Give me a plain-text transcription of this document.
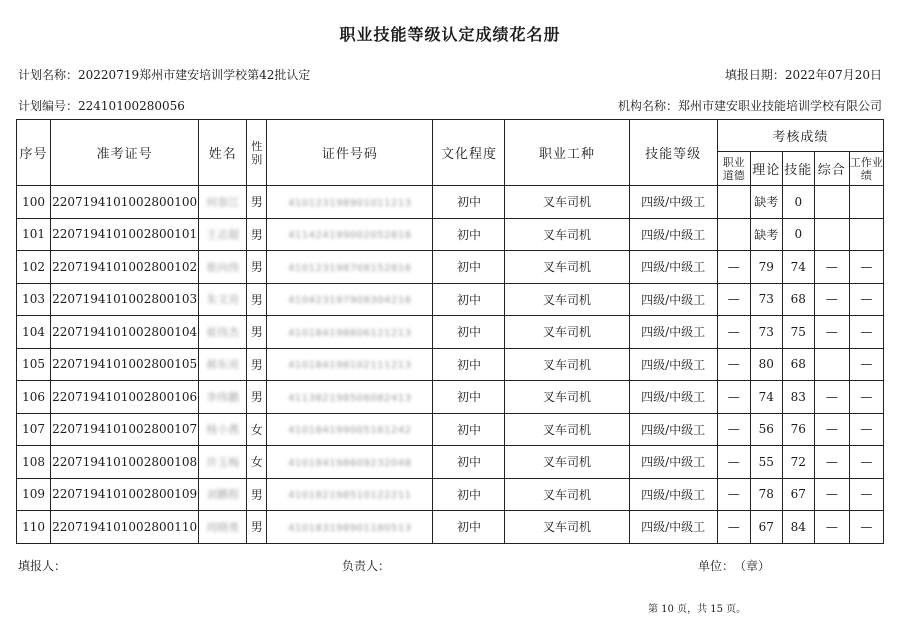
职业技能等级认定成绩花名册
计划名称：20220719郑州市建安培训学校第42批认定	填报日期：2022年07月20日
计划编号：22410100280056	机构名称：郑州市建安职业技能培训学校有限公司
序号	准考证号	姓名	性别	证件号码	文化程度	职业工种	技能等级	考核成绩				
								职业道德	理论	技能	综合	工作业绩
100	2207194101002800100	何春江	男	410123198901011213	初中	叉车司机	四级/中级工		缺考	0		
101	2207194101002800101	王志超	男	411424199002052818	初中	叉车司机	四级/中级工		缺考	0		
102	2207194101002800102	崔向伟	男	410123198708152816	初中	叉车司机	四级/中级工	—	79	74	—	—
103	2207194101002800103	朱文亮	男	410423197908304216	初中	叉车司机	四级/中级工	—	73	68	—	—
104	2207194101002800104	崔伟杰	男	410184198806121213	初中	叉车司机	四级/中级工	—	73	75	—	—
105	2207194101002800105	郝东亮	男	410184198102111213	初中	叉车司机	四级/中级工	—	80	68		—
106	2207194101002800106	李伟鹏	男	411382198506082413	初中	叉车司机	四级/中级工	—	74	83	—	—
107	2207194101002800107	杨小燕	女	410184199005161242	初中	叉车司机	四级/中级工	—	56	76	—	—
108	2207194101002800108	许玉梅	女	410184198609232048	初中	叉车司机	四级/中级工	—	55	72	—	—
109	2207194101002800109	刘鹏程	男	410182198510122211	初中	叉车司机	四级/中级工	—	78	67	—	—
110	2207194101002800110	周晓勇	男	410183198901180513	初中	叉车司机	四级/中级工	—	67	84	—	—
填报人：	负责人：	单位：　（章）
第 10 页，共 15 页。
